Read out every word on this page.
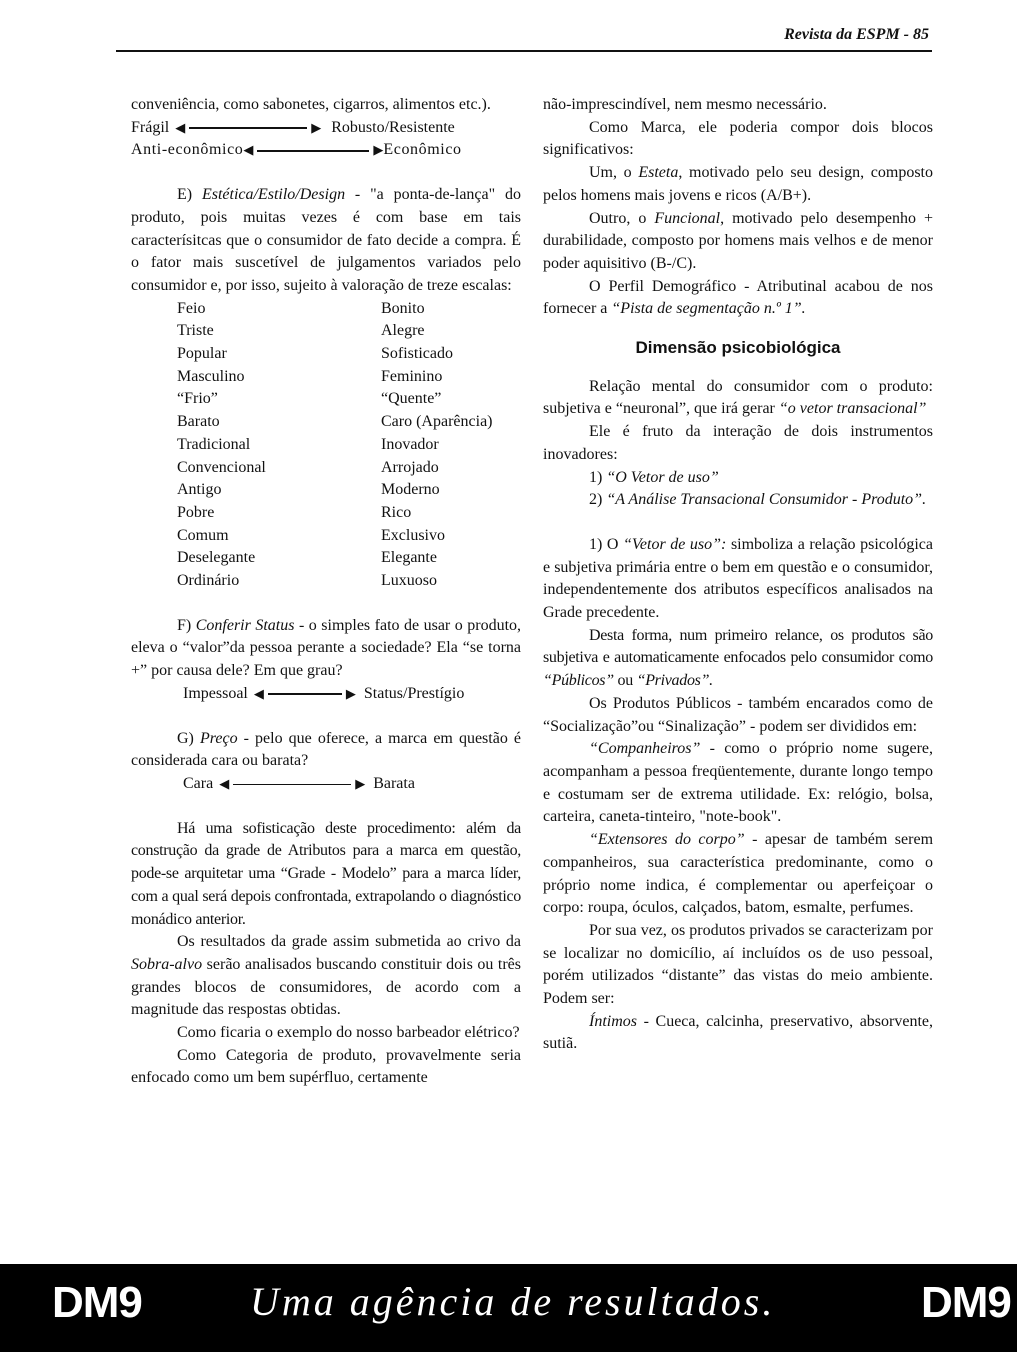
Revista da ESPM - 85

conveniência, como sabonetes, cigarros, alimentos etc.).

Frágil ◀	▶ Robusto/Resistente
Anti-econômico ◀	▶ Econômico

E) Estética/Estilo/Design - "a ponta-de-lança" do produto, pois muitas vezes é com base em tais caracterísitcas que o consumidor de fato decide a compra. É o fator mais suscetível de julgamentos variados pelo consumidor e, por isso, sujeito à valoração de treze escalas:

Feio	Bonito
Triste	Alegre
Popular	Sofisticado
Masculino	Feminino
“Frio”	“Quente”
Barato	Caro (Aparência)
Tradicional	Inovador
Convencional	Arrojado
Antigo	Moderno
Pobre	Rico
Comum	Exclusivo
Deselegante	Elegante
Ordinário	Luxuoso

F) Conferir Status - o simples fato de usar o produto, eleva o “valor”da pessoa perante a sociedade? Ela “se torna +” por causa dele? Em que grau?

Impessoal ◀	▶ Status/Prestígio

G) Preço - pelo que oferece, a marca em questão é considerada cara ou barata?

Cara ◀	▶ Barata

Há uma sofisticação deste procedimento: além da construção da grade de Atributos para a marca em questão, pode-se arquitetar uma “Grade - Modelo” para a marca líder, com a qual será depois confrontada, extrapolando o diagnóstico monádico anterior.

Os resultados da grade assim submetida ao crivo da Sobra-alvo serão analisados buscando constituir dois ou três grandes blocos de consumidores, de acordo com a magnitude das respostas obtidas.

Como ficaria o exemplo do nosso barbeador elétrico?

Como Categoria de produto, provavelmente seria enfocado como um bem supérfluo, certamente

não-imprescindível, nem mesmo necessário.

Como Marca, ele poderia compor dois blocos significativos:

Um, o Esteta, motivado pelo seu design, composto pelos homens mais jovens e ricos (A/B+).

Outro, o Funcional, motivado pelo desempenho + durabilidade, composto por homens mais velhos e de menor poder aquisitivo (B-/C).

O Perfil Demográfico - Atributinal acabou de nos fornecer a “Pista de segmentação n.º 1”.

Dimensão psicobiológica

Relação mental do consumidor com o produto: subjetiva e “neuronal”, que irá gerar “o vetor transacional”

Ele é fruto da interação de dois instrumentos inovadores:

1) “O Vetor de uso”

2) “A Análise Transacional Consumidor - Produto”.

1) O “Vetor de uso”: simboliza a relação psicológica e subjetiva primária entre o bem em questão e o consumidor, independentemente dos atributos específicos analisados na Grade precedente.

Desta forma, num primeiro relance, os produtos são subjetiva e automaticamente enfocados pelo consumidor como “Públicos” ou “Privados”.

Os Produtos Públicos - também encarados como de “Socialização”ou “Sinalização” - podem ser divididos em:

“Companheiros” - como o próprio nome sugere, acompanham a pessoa freqüentemente, durante longo tempo e costumam ser de extrema utilidade. Ex: relógio, bolsa, carteira, caneta-tinteiro, "note-book".

“Extensores do corpo” - apesar de também serem companheiros, sua característica predominante, como o próprio nome indica, é complementar ou aperfeiçoar o corpo: roupa, óculos, calçados, batom, esmalte, perfumes.

Por sua vez, os produtos privados se caracterizam por se localizar no domicílio, aí incluídos os de uso pessoal, porém utilizados “distante” das vistas do meio ambiente. Podem ser:

Íntimos - Cueca, calcinha, preservativo, absorvente, sutiã.

DM9	Uma agência de resultados.	DM9
